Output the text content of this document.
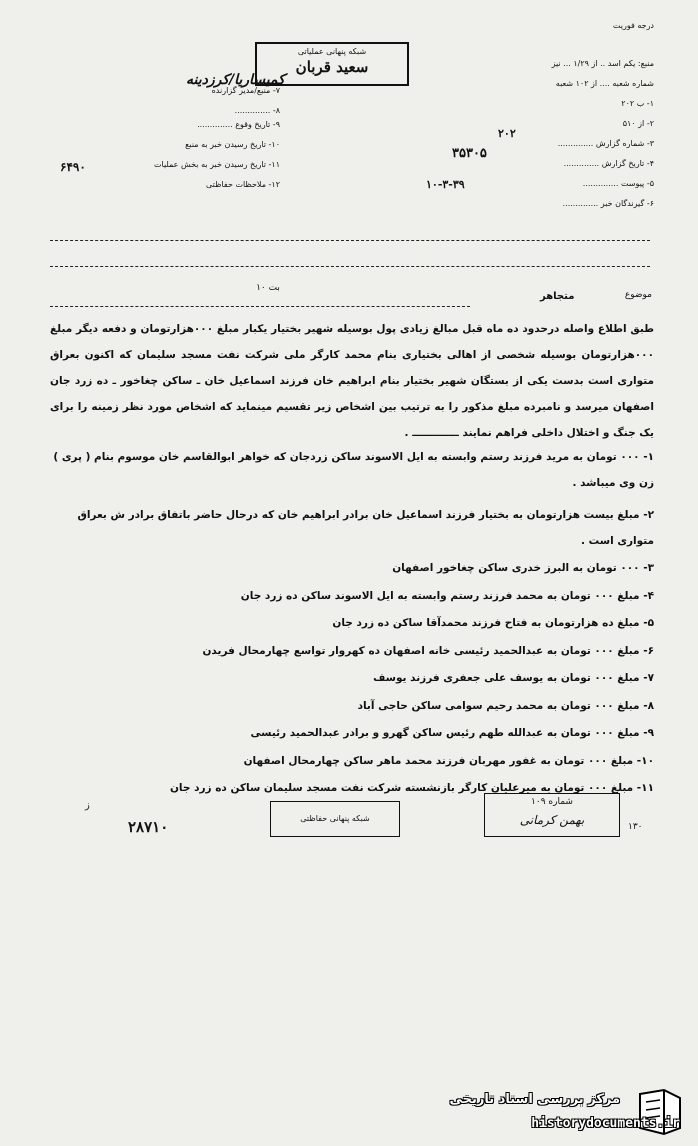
درجه فوریت
منبع: یکم اسد .. از ۱/۲۹ ... نیز
شماره شعبه .... از ۱۰۲ شعبه
۱- ب ۲۰۲
۲- از ۵۱۰
۳- شماره گزارش ..............
۴- تاریخ گزارش ..............
۵- پیوست ..............
۶- گیرندگان خبر ..............
شبکه پنهانی عملیاتی
سعید قربان
کمیساریا/کرزدینه
۷- منبع/مدیر گزارنده
۸- ..............
۹- تاریخ وقوع ..............
۱۰- تاریخ رسیدن خبر به منبع
۱۱- تاریخ رسیدن خبر به بخش عملیات
۱۲- ملاحظات حفاظتی
۳۵۳۰۵
۱۰-۳-۳۹
۶۴۹۰
۲۰۲
موضوع
متجاهر
بت ۱۰

طبق اطلاع واصله درحدود ده ماه قبل مبالغ زیادی پول بوسیله شهیر بختیار یکبار مبلغ ۰۰۰هزارتومان و دفعه دیگر مبلغ ۰۰۰هزارتومان بوسیله شخصی از اهالی بختیاری بنام محمد کارگر ملی شرکت نفت مسجد سلیمان که اکنون بعراق متواری است بدست یکی از بستگان شهیر بختیار بنام ابراهیم خان فرزند اسماعیل خان ـ ساکن چغاخور ـ ده زرد جان اصفهان میرسد و نامبرده مبلغ مذکور را به ترتیب بین اشخاص زیر تقسیم مینماید که اشخاص مورد نظر زمینه را برای یک جنگ و اختلال داخلی فراهم نمایند ـــــــــــــ .

۱- ۰۰۰ تومان به مرید فرزند رستم وابسته به ایل الاسوند ساکن زردجان که خواهر ابوالقاسم خان موسوم بنام ( پری ) زن وی میباشد .
۲- مبلغ بیست هزارتومان به بختیار فرزند اسماعیل خان برادر ابراهیم خان که درحال حاضر باتفاق برادر ش بعراق متواری است .
۳- ۰۰۰ تومان به البرز خدری ساکن چغاخور اصفهان
۴- مبلغ ۰۰۰ تومان به محمد فرزند رستم وابسته به ایل الاسوند ساکن ده زرد جان
۵- مبلغ ده هزارتومان به فتاح فرزند محمدآقا ساکن ده زرد جان
۶- مبلغ ۰۰۰ تومان به عبدالحمید رئیسی خانه اصفهان ده کهروار تواسع چهارمحال فریدن
۷- مبلغ ۰۰۰ تومان به یوسف علی جعفری فرزند یوسف
۸- مبلغ ۰۰۰ تومان به محمد رحیم سوامی ساکن حاجی آباد
۹- مبلغ ۰۰۰ تومان به عبدالله طهم رئیس ساکن گهرو و برادر عبدالحمید رئیسی
۱۰- مبلغ ۰۰۰ تومان به غفور مهربان فرزند محمد ماهر ساکن چهارمحال اصفهان
۱۱- مبلغ ۰۰۰ تومان به میرعلیان کارگر بازنشسته شرکت نفت مسجد سلیمان ساکن ده زرد جان
شبکه پنهانی حفاظتی
شماره ۱۰۹
بهمن کرمانی
۲۸۷۱۰
ز
۱۳۰
مرکز بررسی اسناد تاریخی
historydocuments.ir
